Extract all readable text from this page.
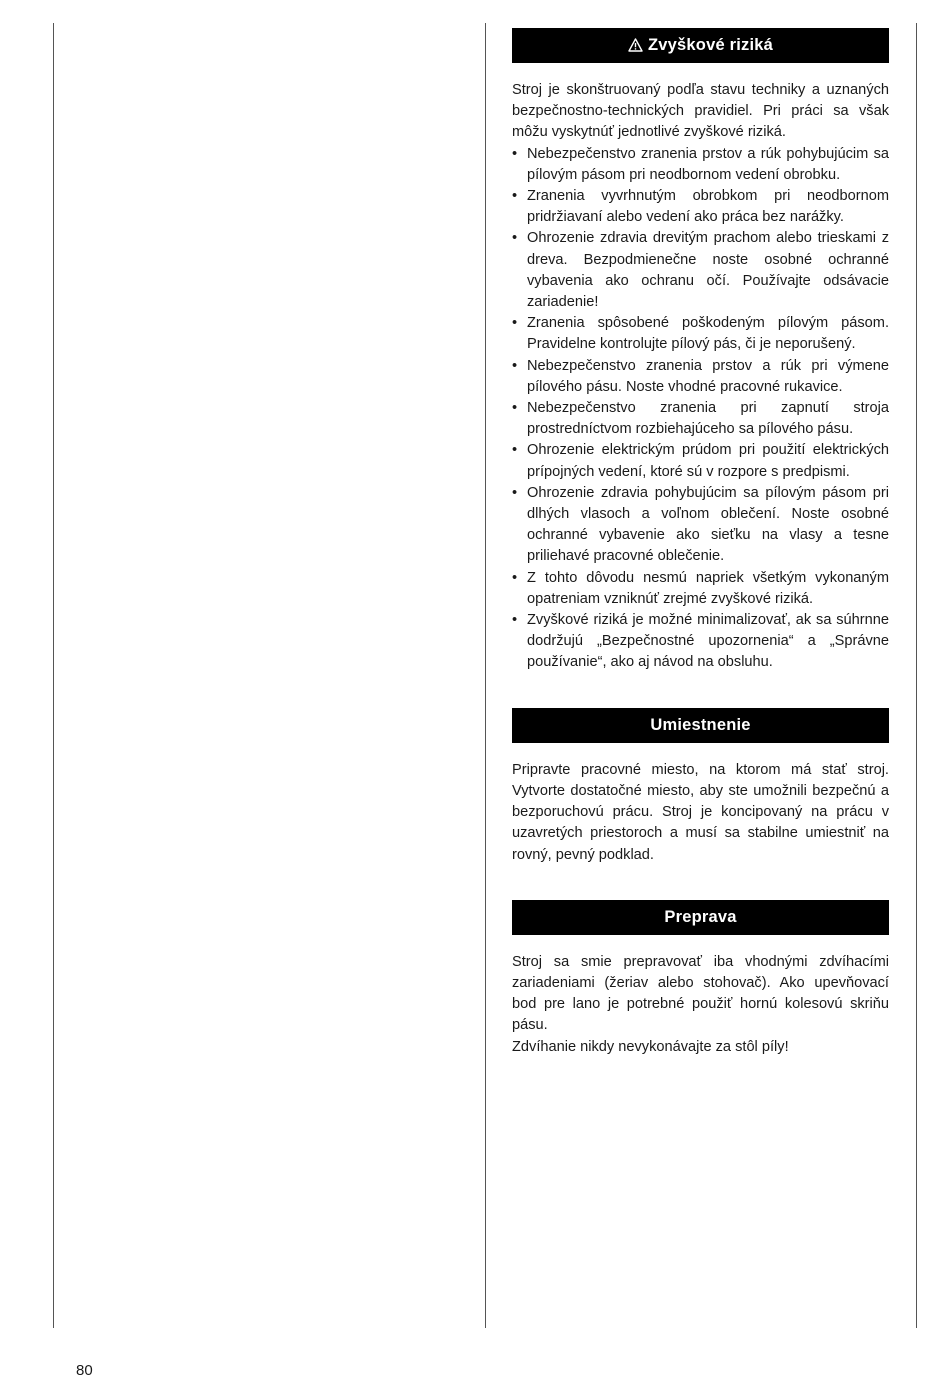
Zvyškové riziká

Stroj je skonštruovaný podľa stavu techniky a uznaných bezpečnostno-technických pravidiel. Pri práci sa však môžu vyskytnúť jednotlivé zvyškové riziká.

• Nebezpečenstvo zranenia prstov a rúk pohybujúcim sa pílovým pásom pri neodbornom vedení obrobku.
• Zranenia vyvrhnutým obrobkom pri neodbornom pridržiavaní alebo vedení ako práca bez narážky.
• Ohrozenie zdravia drevitým prachom alebo trieskami z dreva. Bezpodmienečne noste osobné ochranné vybavenia ako ochranu očí. Používajte odsávacie zariadenie!
• Zranenia spôsobené poškodeným pílovým pásom. Pravidelne kontrolujte pílový pás, či je neporušený.
• Nebezpečenstvo zranenia prstov a rúk pri výmene pílového pásu. Noste vhodné pracovné rukavice.
• Nebezpečenstvo zranenia pri zapnutí stroja prostredníctvom rozbiehajúceho sa pílového pásu.
• Ohrozenie elektrickým prúdom pri použití elektrických prípojných vedení, ktoré sú v rozpore s predpismi.
• Ohrozenie zdravia pohybujúcim sa pílovým pásom pri dlhých vlasoch a voľnom oblečení. Noste osobné ochranné vybavenie ako sieťku na vlasy a tesne priliehavé pracovné oblečenie.
• Z tohto dôvodu nesmú napriek všetkým vykonaným opatreniam vzniknúť zrejmé zvyškové riziká.
• Zvyškové riziká je možné minimalizovať, ak sa súhrnne dodržujú „Bezpečnostné upozornenia“ a „Správne používanie“, ako aj návod na obsluhu.
Umiestnenie

Pripravte pracovné miesto, na ktorom má stať stroj. Vytvorte dostatočné miesto, aby ste umožnili bezpečnú a bezporuchovú prácu. Stroj je koncipovaný na prácu v uzavretých priestoroch a musí sa stabilne umiestniť na rovný, pevný podklad.

Preprava

Stroj sa smie prepravovať iba vhodnými zdvíhacími zariadeniami (žeriav alebo stohovač). Ako upevňovací bod pre lano je potrebné použiť hornú kolesovú skriňu pásu.

Zdvíhanie nikdy nevykonávajte za stôl píly!

80
